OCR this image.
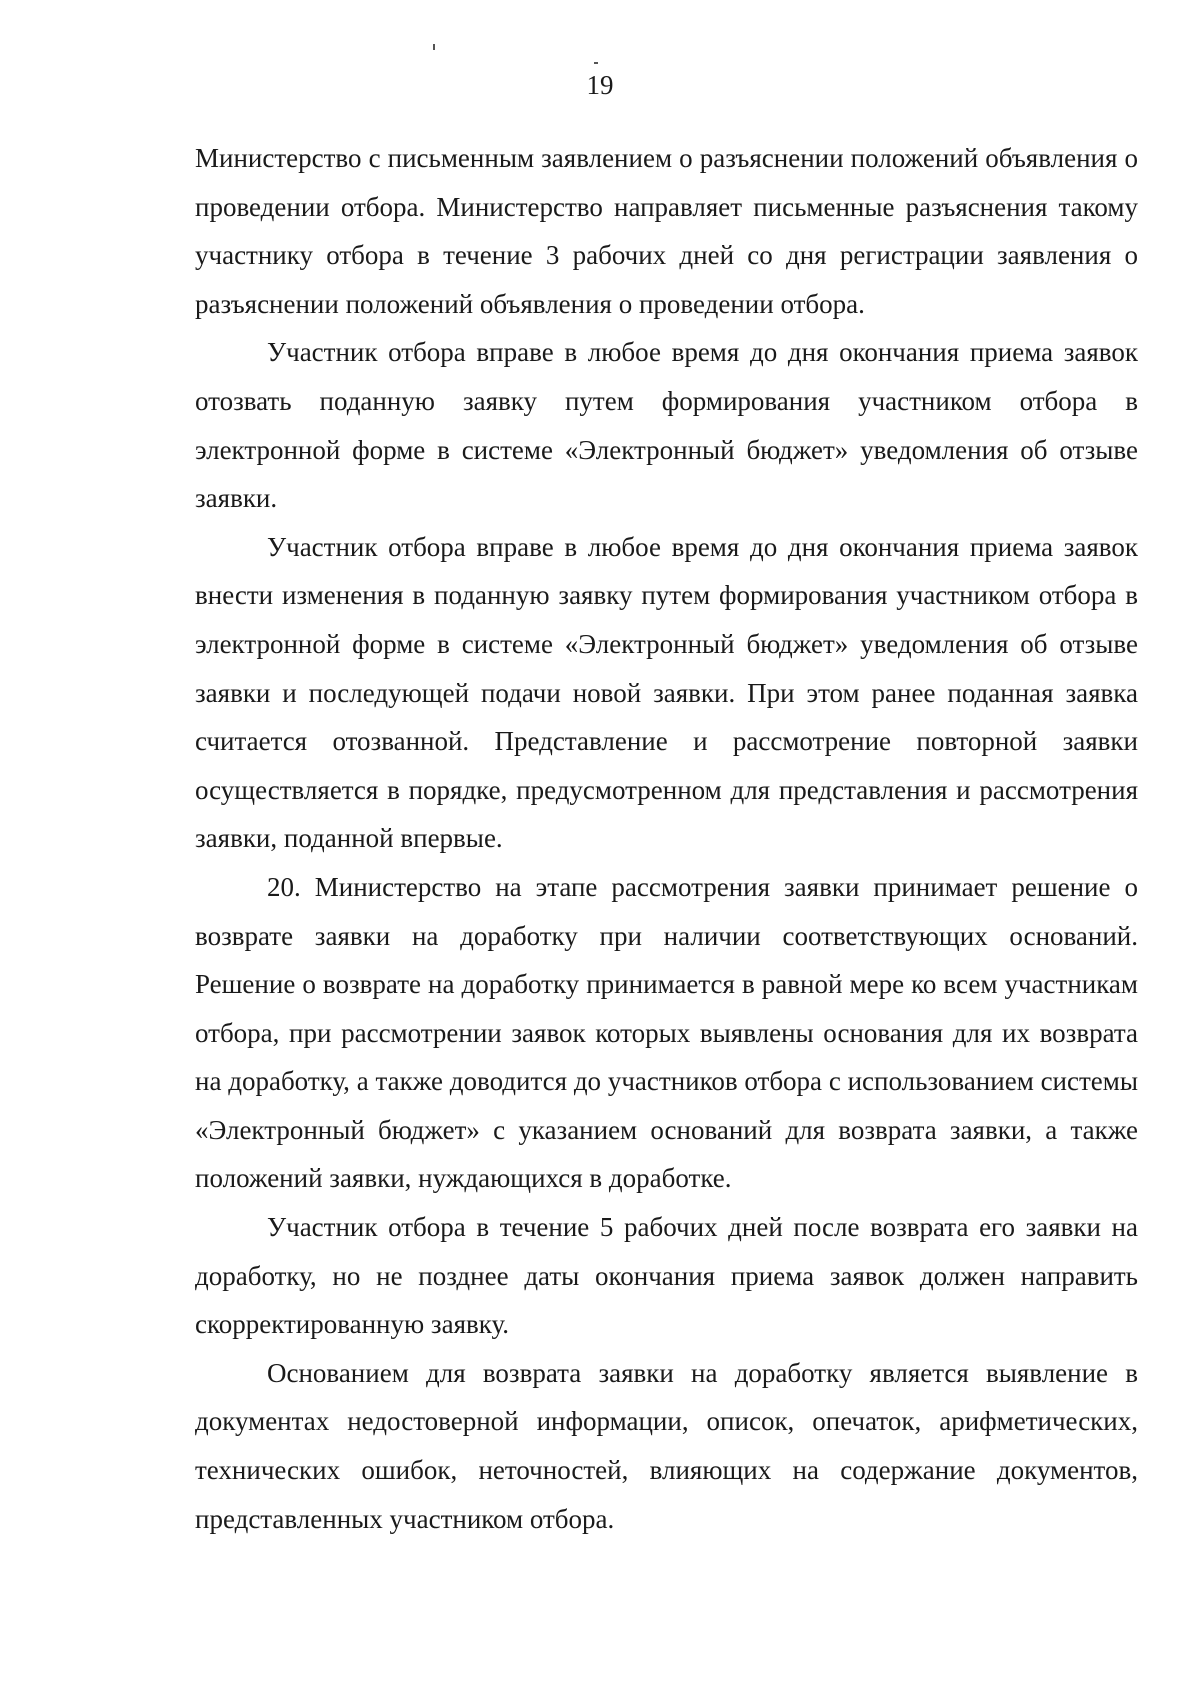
19

Министерство с письменным заявлением о разъяснении положений объявления о проведении отбора. Министерство направляет письменные разъяснения такому участнику отбора в течение 3 рабочих дней со дня регистрации заявления о разъяснении положений объявления о проведении отбора.

Участник отбора вправе в любое время до дня окончания приема заявок отозвать поданную заявку путем формирования участником отбора в электронной форме в системе «Электронный бюджет» уведомления об отзыве заявки.

Участник отбора вправе в любое время до дня окончания приема заявок внести изменения в поданную заявку путем формирования участником отбора в электронной форме в системе «Электронный бюджет» уведомления об отзыве заявки и последующей подачи новой заявки. При этом ранее поданная заявка считается отозванной. Представление и рассмотрение повторной заявки осуществляется в порядке, предусмотренном для представления и рассмотрения заявки, поданной впервые.

20. Министерство на этапе рассмотрения заявки принимает решение о возврате заявки на доработку при наличии соответствующих оснований. Решение о возврате на доработку принимается в равной мере ко всем участникам отбора, при рассмотрении заявок которых выявлены основания для их возврата на доработку, а также доводится до участников отбора с использованием системы «Электронный бюджет» с указанием оснований для возврата заявки, а также положений заявки, нуждающихся в доработке.

Участник отбора в течение 5 рабочих дней после возврата его заявки на доработку, но не позднее даты окончания приема заявок должен направить скорректированную заявку.

Основанием для возврата заявки на доработку является выявление в документах недостоверной информации, описок, опечаток, арифметических, технических ошибок, неточностей, влияющих на содержание документов, представленных участником отбора.
